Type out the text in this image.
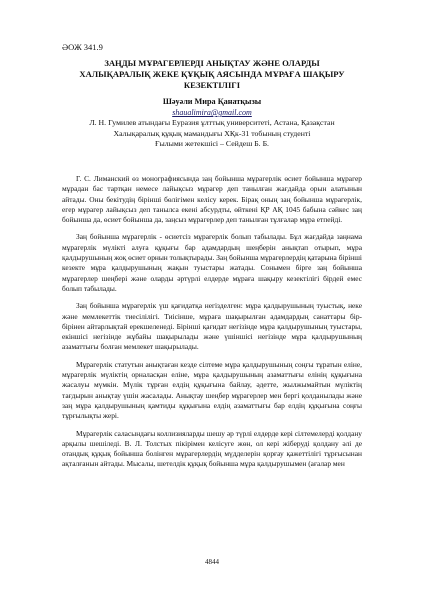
ӘОЖ 341.9
ЗАҢДЫ МҰРАГЕРЛЕРДІ АНЫҚТАУ ЖӘНЕ ОЛАРДЫ
ХАЛЫҚАРАЛЫҚ ЖЕКЕ ҚҰҚЫҚ АЯСЫНДА МҰРАҒА ШАҚЫРУ
КЕЗЕКТІЛІГІ
Шәуәли Мира Қанатқызы
shaualimira@gmail.com
Л. Н. Гумилев атындағы Еуразия ұлттық университеті, Астана, Қазақстан
Халықаралық құқық мамандығы ХҚк-31 тобының студенті
Ғылыми жетекшісі – Сейдеш Б. Б.

Г. С. Лиманский өз монографиясында заң бойынша мұрагерлік өсиет бойынша мұрагер мұрадан бас тартқан немесе лайықсыз мұрагер деп танылған жағдайда орын алатынын айтады. Оны бекітудің бірінші бөлігімен келісу керек. Бірақ оның заң бойынша мұрагерлік, егер мұрагер лайықсыз деп танылса екені абсурдты, өйткені ҚР АҚ 1045 бабына сәйкес заң бойынша да, өсиет бойынша да, заңсыз мұрагерлер деп танылған тұлғалар мұра етпейді.

Заң бойынша мұрагерлік - өсиетсіз мұрагерлік болып табылады. Бұл жағдайда заңнама мұрагерлік мүлікті алуға құқығы бар адамдардың шеңберін анықтап отырып, мұра қалдырушының жоқ өсиет орнын толықтырады. Заң бойынша мұрагерлердің қатарына бірінші кезекте мұра қалдырушының жақын туыстары жатады. Сонымен бірге заң бойынша мұрагерлер шеңбері және оларды әртүрлі елдерде мұраға шақыру кезектілігі бірдей емес болып табылады.

Заң бойынша мұрагерлік үш қағидатқа негізделген: мұра қалдырушының туыстық, неке және мемлекеттік тиесілілігі. Тиісінше, мұраға шақырылған адамдардың санаттары бір-бірінен айтарлықтай ерекшеленеді. Бірінші қағидат негізінде мұра қалдырушының туыстары, екіншісі негізінде жұбайы шақырылады және үшіншісі негізінде мұра қалдырушының азаматтығы болған мемлекет шақырылады.

Мұрагерлік статутын анықтаған кезде сілтеме мұра қалдырушының соңғы тұратын еліне, мұрагерлік мүліктің орналасқан еліне, мұра қалдырушының азаматтығы елінің құқығына жасалуы мүмкін. Мүлік тұрған елдің құқығына байлау, әдетте, жылжымайтын мүліктің тағдырын анықтау үшін жасалады. Анықтау шеңбер мұрагерлер мен бергі қолданылады және заң мұра қалдырушының қамтиды құқығына елдің азаматтығы бар елдің құқығына соңғы тұрғылықты жері.

Мұрагерлік саласындағы коллизияларды шешу әр түрлі елдерде кері сілтемелерді қолдану арқылы шешіледі. В. Л. Толстых пікірімен келісуге жөн, ол кері жіберуді қолдану әлі де отандық құқық бойынша болінген мұрагерлердің мүдделерін қорғау қажеттілігі тұрғысынан ақталғанын айтады. Мысалы, шетелдік құқық бойынша мұра қалдырушымен (ағалар мен

4844
